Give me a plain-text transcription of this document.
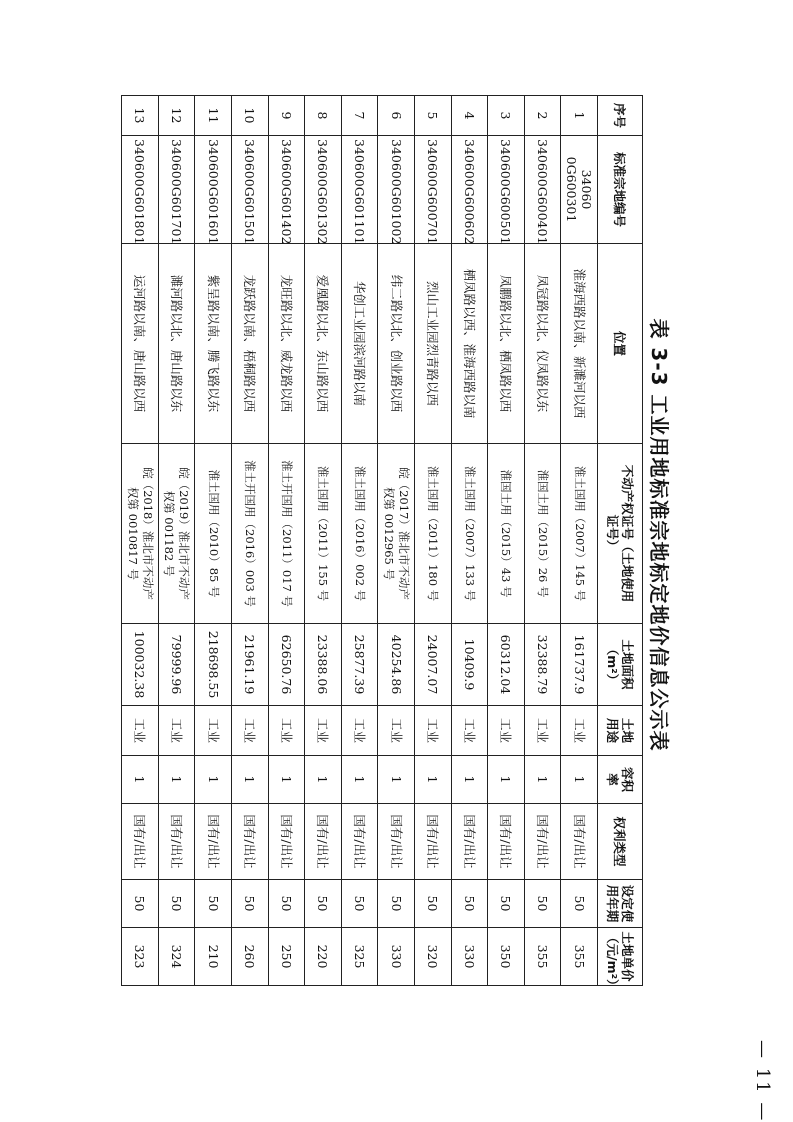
表 3-3 工业用地标准宗地标定地价信息公示表
序号	标准宗地编号	位置	不动产权证号（土地使用
证号）	土地面积
（m²）	土地
用途	容积
率	权利类型	设定使
用年期	土地单价
（元/m²）
1	34060​0G600301	淮海西路以南、新濉河以西	淮土国用（2007）145 号	161737.9	工业	1	国有/出让	50	355
2	340600G600401	凤冠路以北、仪凤路以东	淮国土用（2015）26 号	32388.79	工业	1	国有/出让	50	355
3	340600G600501	凤鹏路以北、栖凤路以西	淮国土用（2015）43 号	60312.04	工业	1	国有/出让	50	350
4	340600G600602	栖凤路以西、淮海西路以南	淮土国用（2007）133 号	10409.9	工业	1	国有/出让	50	330
5	340600G600701	烈山工业园烈青路以西	淮土国用（2011）180 号	24007.07	工业	1	国有/出让	50	320
6	340600G601002	纬二路以北、创业路以西	皖（2017）淮北市不动产
权第 0012965 号	40254.86	工业	1	国有/出让	50	330
7	340600G601101	华创工业园滨河路以南	淮土国用（2016）002 号	25877.39	工业	1	国有/出让	50	325
8	340600G601302	爱凰路以北、东山路以西	淮土国用（2011）155 号	23388.06	工业	1	国有/出让	50	220
9	340600G601402	龙旺路以北、威龙路以西	淮土开国用（2011）017 号	62650.76	工业	1	国有/出让	50	250
10	340600G601501	龙跃路以南、梧桐路以西	淮土开国用（2016）003 号	21961.19	工业	1	国有/出让	50	260
11	340600G601601	紫呈路以南、腾飞路以东	淮土国用（2010）85 号	218698.55	工业	1	国有/出让	50	210
12	340600G601701	濉河路以北、唐山路以东	皖（2019）淮北市不动产
权第 001182 号	79999.96	工业	1	国有/出让	50	324
13	340600G601801	运河路以南、唐山路以西	皖（2018）淮北市不动产
权第 0010817 号	100032.38	工业	1	国有/出让	50	323
— 11 —
